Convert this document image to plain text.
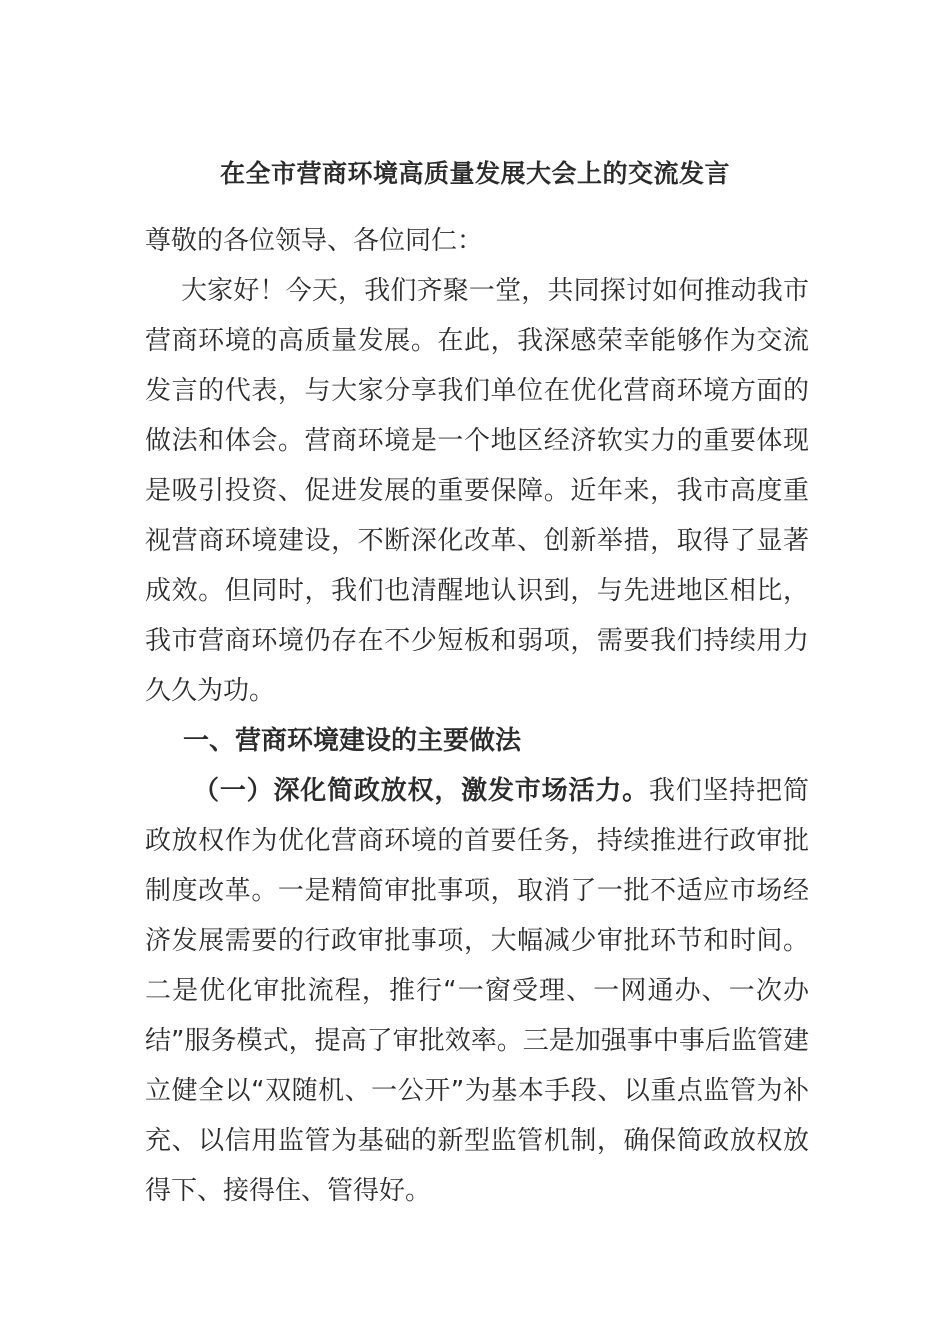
在全市营商环境高质量发展大会上的交流发言

尊敬的各位领导、各位同仁：

大家好！今天，我们齐聚一堂，共同探讨如何推动我市营商环境的高质量发展。在此，我深感荣幸能够作为交流发言的代表，与大家分享我们单位在优化营商环境方面的做法和体会。营商环境是一个地区经济软实力的重要体现是吸引投资、促进发展的重要保障。近年来，我市高度重视营商环境建设，不断深化改革、创新举措，取得了显著成效。但同时，我们也清醒地认识到，与先进地区相比，我市营商环境仍存在不少短板和弱项，需要我们持续用力久久为功。

一、营商环境建设的主要做法

（一）深化简政放权，激发市场活力。我们坚持把简政放权作为优化营商环境的首要任务，持续推进行政审批制度改革。一是精简审批事项，取消了一批不适应市场经济发展需要的行政审批事项，大幅减少审批环节和时间。二是优化审批流程，推行“一窗受理、一网通办、一次办结”服务模式，提高了审批效率。三是加强事中事后监管建立健全以“双随机、一公开”为基本手段、以重点监管为补充、以信用监管为基础的新型监管机制，确保简政放权放得下、接得住、管得好。
